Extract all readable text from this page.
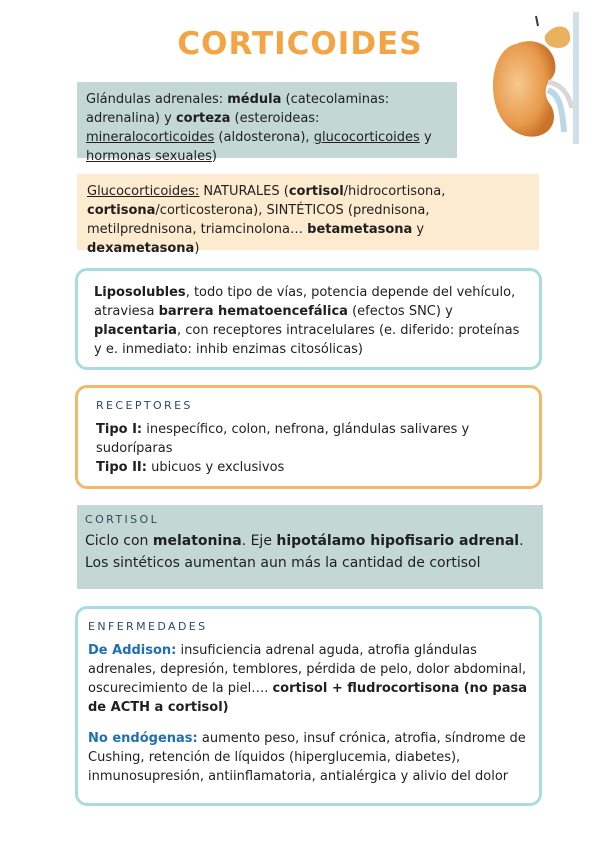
CORTICOIDES

Glándulas adrenales: médula (catecolaminas: adrenalina) y corteza (esteroideas: mineralocorticoides (aldosterona), glucocorticoides y hormonas sexuales)

Glucocorticoides: NATURALES (cortisol/hidrocortisona, cortisona/corticosterona), SINTÉTICOS (prednisona, metilprednisona, triamcinolona… betametasona y dexametasona)

Liposolubles, todo tipo de vías, potencia depende del vehículo, atraviesa barrera hematoencefálica (efectos SNC) y placentaria, con receptores intracelulares (e. diferido: proteínas y e. inmediato: inhib enzimas citosólicas)

RECEPTORES

Tipo I: inespecífico, colon, nefrona, glándulas salivares y sudoríparas

Tipo II: ubicuos y exclusivos

CORTISOL

Ciclo con melatonina. Eje hipotálamo hipofisario adrenal. Los sintéticos aumentan aun más la cantidad de cortisol

ENFERMEDADES

De Addison: insuficiencia adrenal aguda, atrofia glándulas adrenales, depresión, temblores, pérdida de pelo, dolor abdominal, oscurecimiento de la piel…. cortisol + fludrocortisona (no pasa de ACTH a cortisol)

No endógenas: aumento peso, insuf crónica, atrofia, síndrome de Cushing, retención de líquidos (hiperglucemia, diabetes), inmunosupresión, antiinflamatoria, antialérgica y alivio del dolor
